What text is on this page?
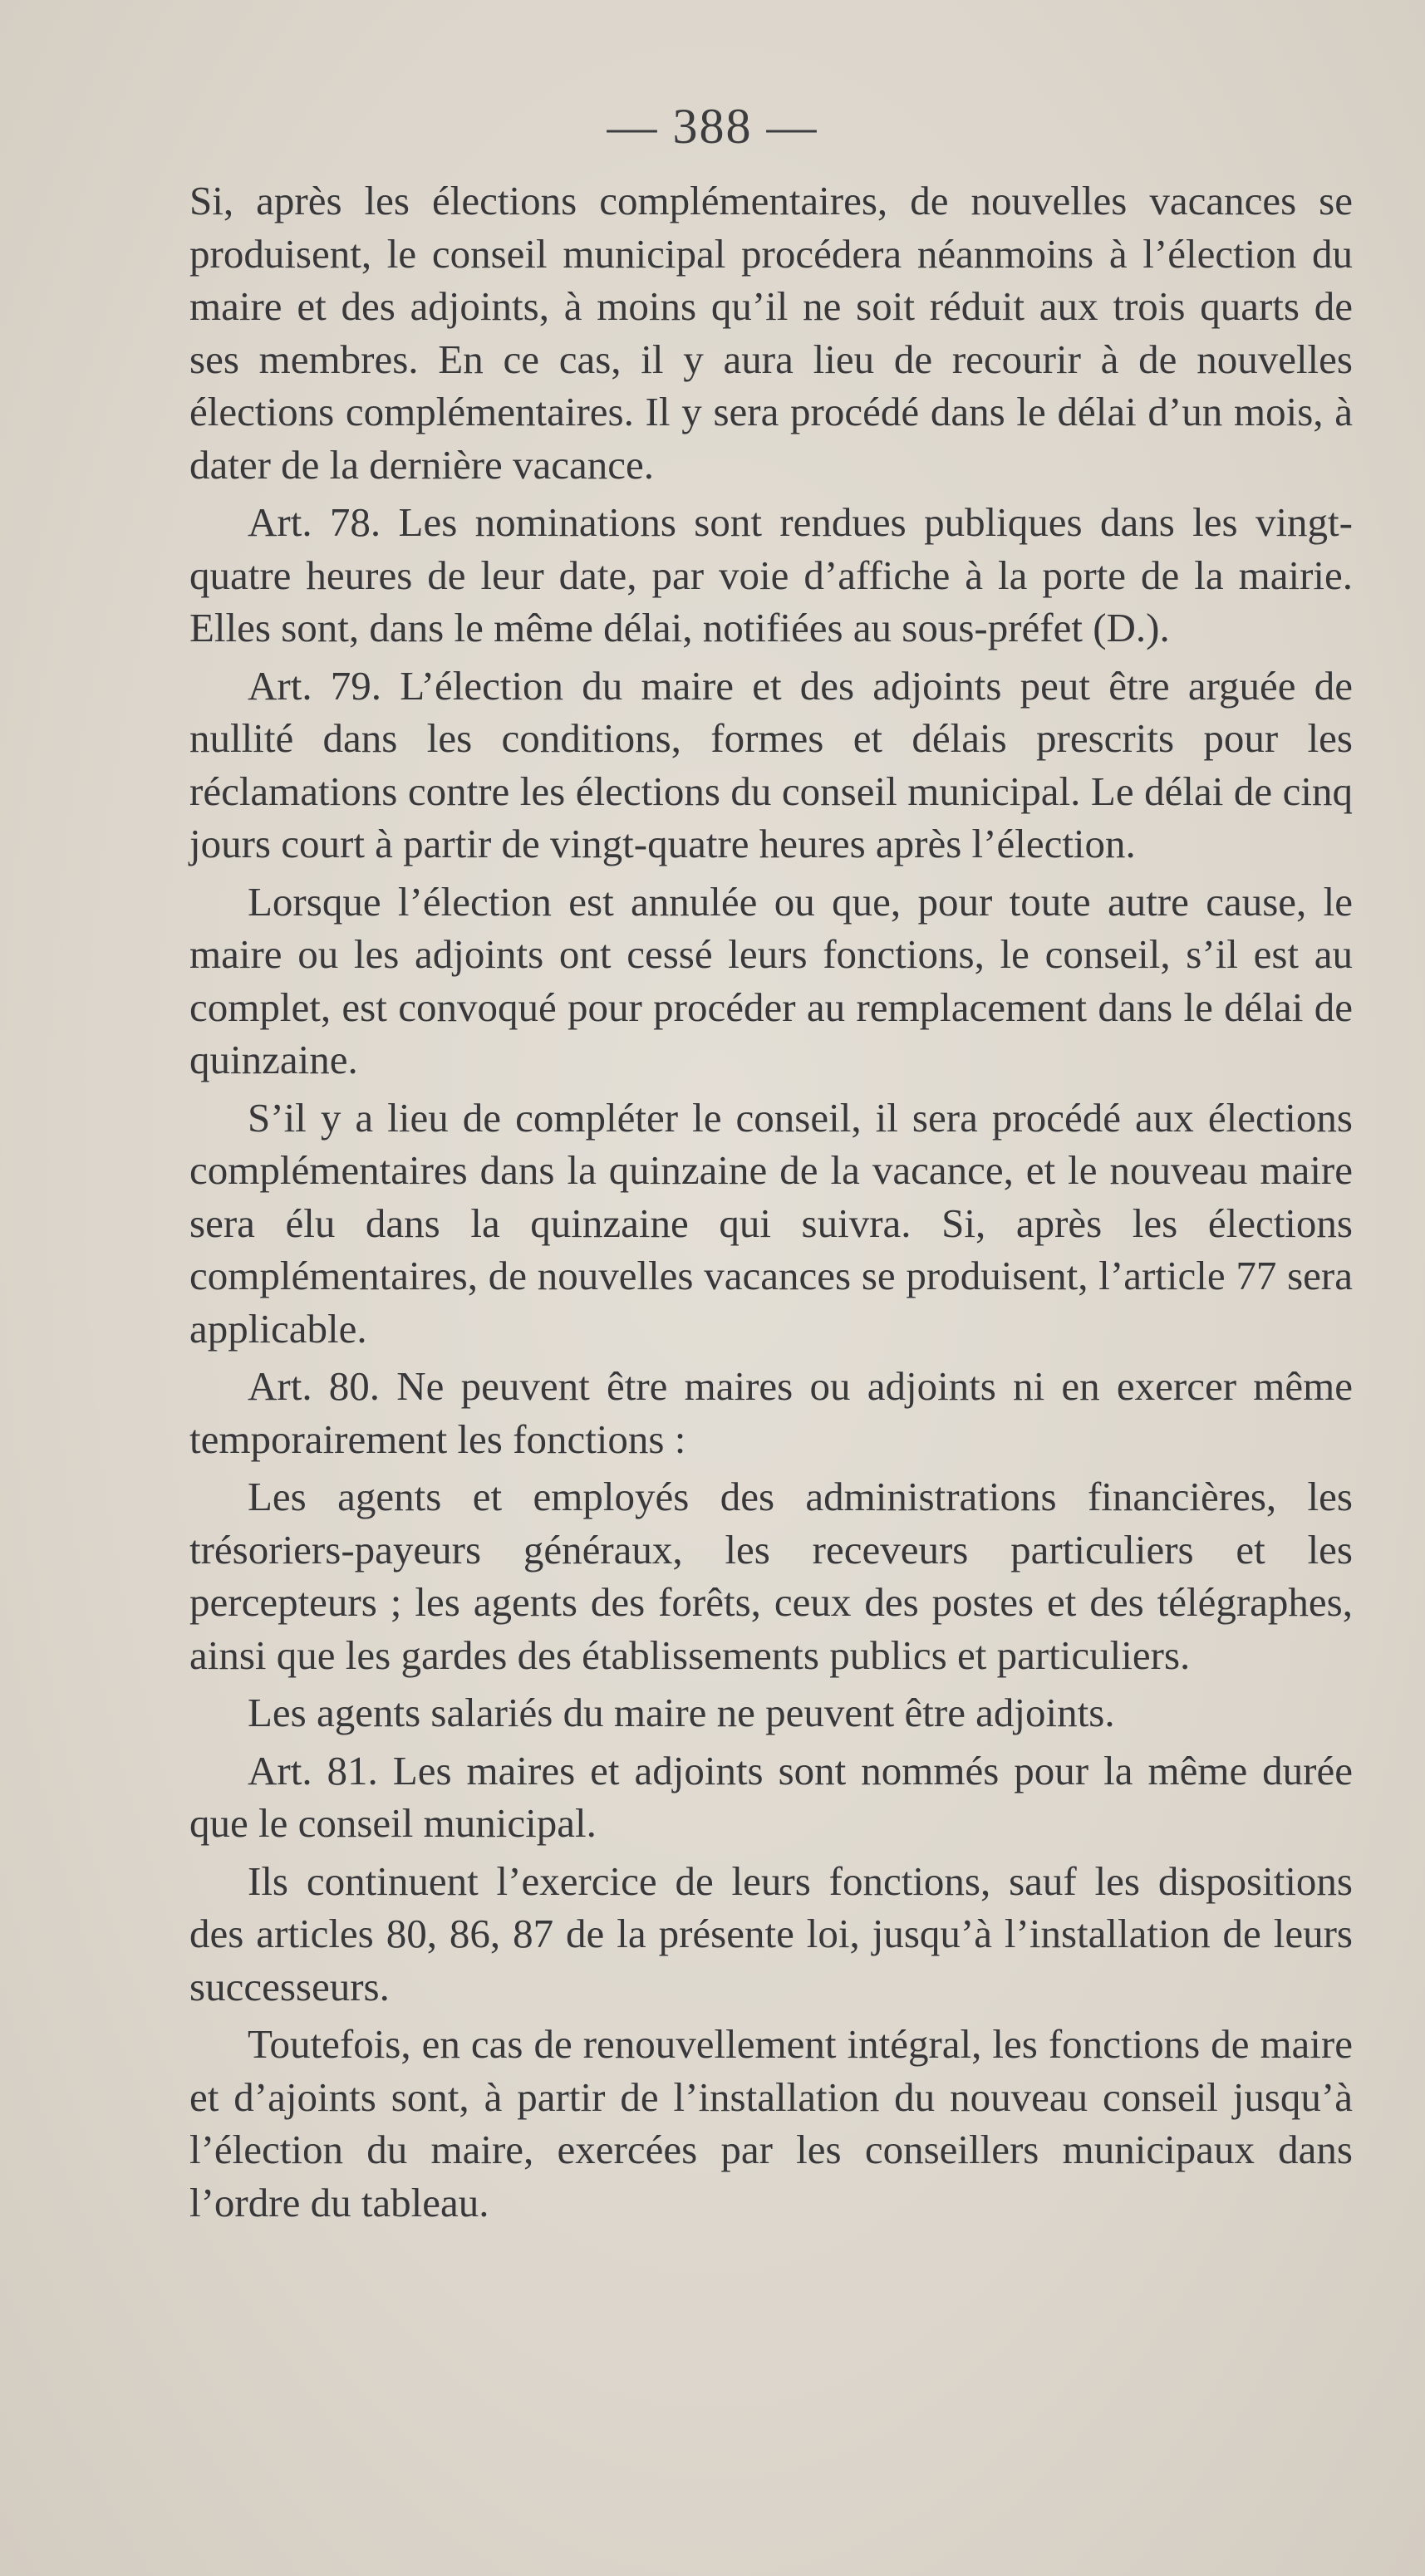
— 388 —

Si, après les élections complémentaires, de nouvelles vacances se produisent, le conseil municipal procédera néanmoins à l’élection du maire et des adjoints, à moins qu’il ne soit réduit aux trois quarts de ses membres. En ce cas, il y aura lieu de recourir à de nouvelles élections complémentaires. Il y sera procédé dans le délai d’un mois, à dater de la dernière vacance.

Art. 78. Les nominations sont rendues publiques dans les vingt-quatre heures de leur date, par voie d’affiche à la porte de la mairie. Elles sont, dans le même délai, notifiées au sous-préfet (D.).

Art. 79. L’élection du maire et des adjoints peut être arguée de nullité dans les conditions, formes et délais prescrits pour les réclamations contre les élections du conseil municipal. Le délai de cinq jours court à partir de vingt-quatre heures après l’élection.

Lorsque l’élection est annulée ou que, pour toute autre cause, le maire ou les adjoints ont cessé leurs fonctions, le conseil, s’il est au complet, est convoqué pour procéder au remplacement dans le délai de quinzaine.

S’il y a lieu de compléter le conseil, il sera procédé aux élections complémentaires dans la quinzaine de la vacance, et le nouveau maire sera élu dans la quinzaine qui suivra. Si, après les élections complémentaires, de nouvelles vacances se produisent, l’article 77 sera applicable.

Art. 80. Ne peuvent être maires ou adjoints ni en exercer même temporairement les fonctions :

Les agents et employés des administrations financières, les trésoriers-payeurs généraux, les receveurs particuliers et les percepteurs ; les agents des forêts, ceux des postes et des télégraphes, ainsi que les gardes des établissements publics et particuliers.

Les agents salariés du maire ne peuvent être adjoints.

Art. 81. Les maires et adjoints sont nommés pour la même durée que le conseil municipal.

Ils continuent l’exercice de leurs fonctions, sauf les dispositions des articles 80, 86, 87 de la présente loi, jusqu’à l’installation de leurs successeurs.

Toutefois, en cas de renouvellement intégral, les fonctions de maire et d’ajoints sont, à partir de l’installation du nouveau conseil jusqu’à l’élection du maire, exercées par les conseillers municipaux dans l’ordre du tableau.
